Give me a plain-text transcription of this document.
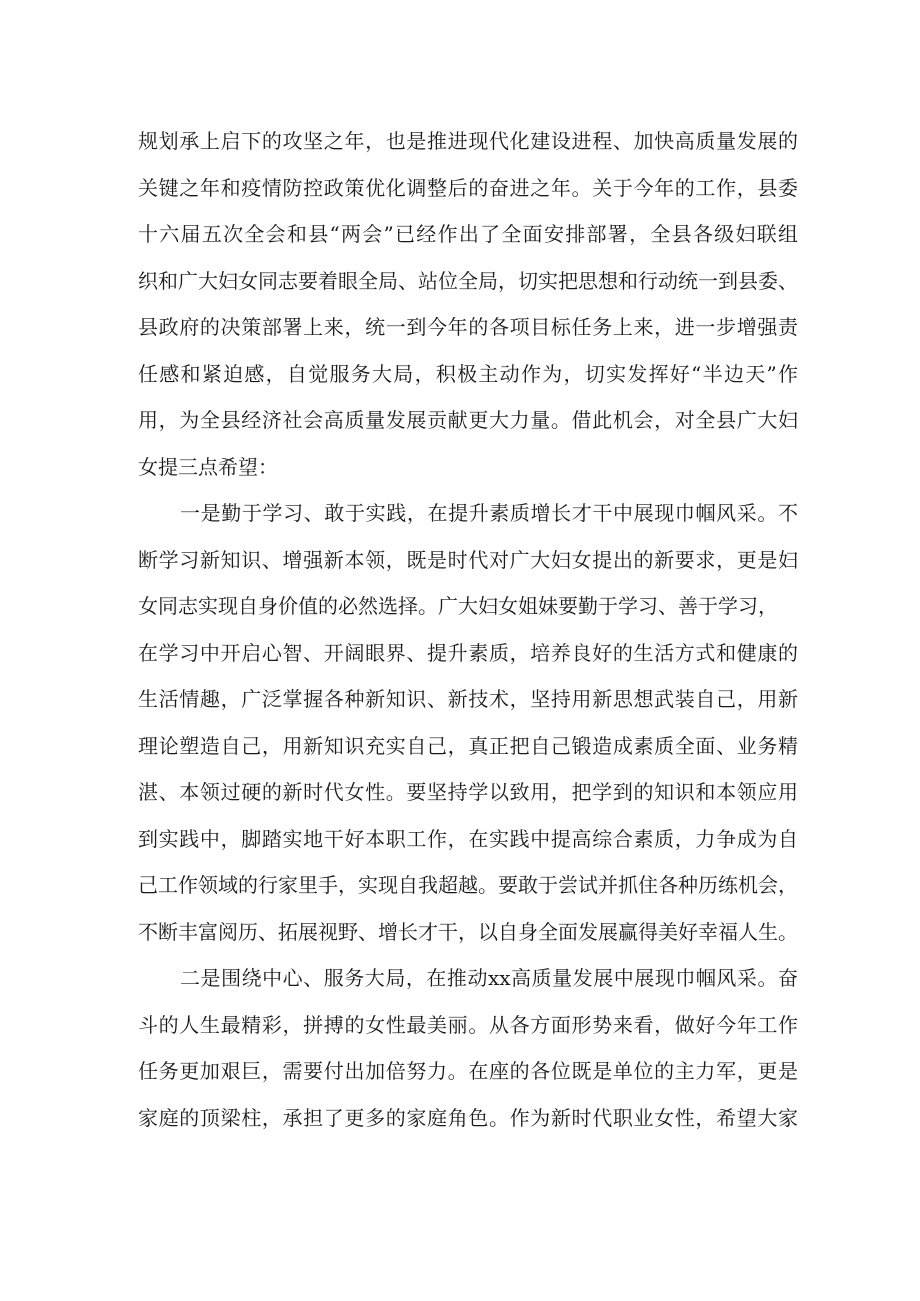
规划承上启下的攻坚之年，也是推进现代化建设进程、加快高质量发展的
关键之年和疫情防控政策优化调整后的奋进之年。关于今年的工作，县委
十六届五次全会和县“两会”已经作出了全面安排部署，全县各级妇联组
织和广大妇女同志要着眼全局、站位全局，切实把思想和行动统一到县委、
县政府的决策部署上来，统一到今年的各项目标任务上来，进一步增强责
任感和紧迫感，自觉服务大局，积极主动作为，切实发挥好“半边天”作
用，为全县经济社会高质量发展贡献更大力量。借此机会，对全县广大妇
女提三点希望：
一是勤于学习、敢于实践，在提升素质增长才干中展现巾帼风采。不
断学习新知识、增强新本领，既是时代对广大妇女提出的新要求，更是妇
女同志实现自身价值的必然选择。广大妇女姐妹要勤于学习、善于学习，
在学习中开启心智、开阔眼界、提升素质，培养良好的生活方式和健康的
生活情趣，广泛掌握各种新知识、新技术，坚持用新思想武装自己，用新
理论塑造自己，用新知识充实自己，真正把自己锻造成素质全面、业务精
湛、本领过硬的新时代女性。要坚持学以致用，把学到的知识和本领应用
到实践中，脚踏实地干好本职工作，在实践中提高综合素质，力争成为自
己工作领域的行家里手，实现自我超越。要敢于尝试并抓住各种历练机会，
不断丰富阅历、拓展视野、增长才干，以自身全面发展赢得美好幸福人生。
二是围绕中心、服务大局，在推动xx高质量发展中展现巾帼风采。奋
斗的人生最精彩，拼搏的女性最美丽。从各方面形势来看，做好今年工作
任务更加艰巨，需要付出加倍努力。在座的各位既是单位的主力军，更是
家庭的顶梁柱，承担了更多的家庭角色。作为新时代职业女性，希望大家
